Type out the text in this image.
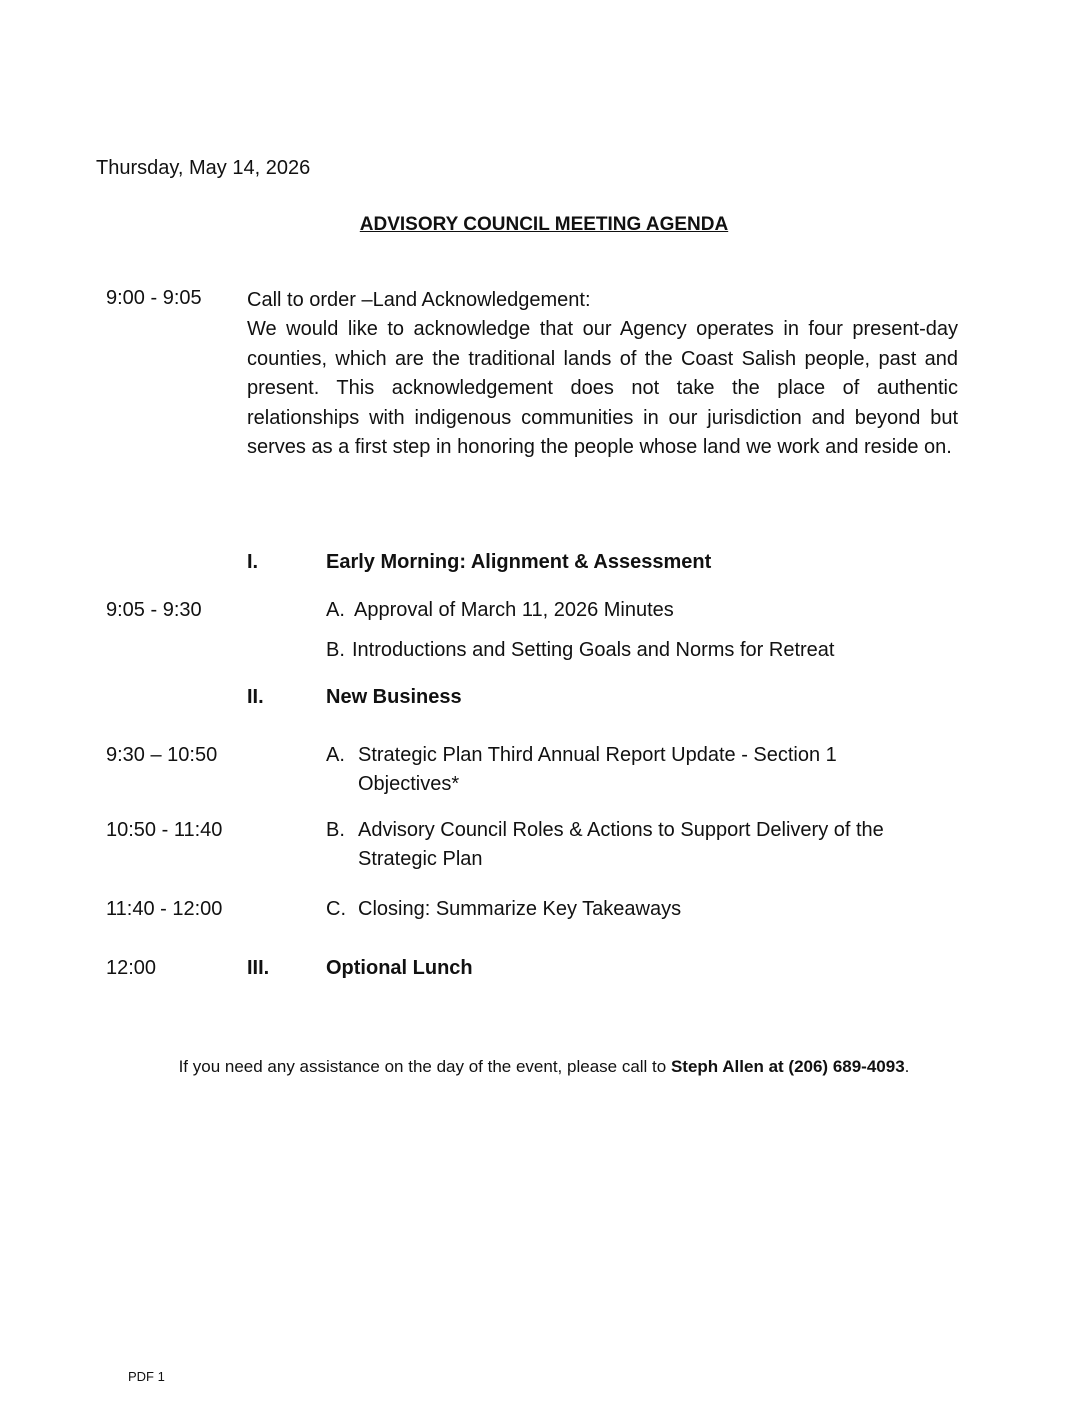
Thursday, May 14, 2026
ADVISORY COUNCIL MEETING AGENDA
9:00 - 9:05 Call to order –Land Acknowledgement:
We would like to acknowledge that our Agency operates in four present-day counties, which are the traditional lands of the Coast Salish people, past and present. This acknowledgement does not take the place of authentic relationships with indigenous communities in our jurisdiction and beyond but serves as a first step in honoring the people whose land we work and reside on.
I.	Early Morning: Alignment & Assessment
9:05 - 9:30	A. Approval of March 11, 2026 Minutes
B. Introductions and Setting Goals and Norms for Retreat
II.	New Business
9:30 – 10:50	A. Strategic Plan Third Annual Report Update - Section 1
Objectives*
10:50 - 11:40	B. Advisory Council Roles & Actions to Support Delivery of the
Strategic Plan
11:40 - 12:00	C. Closing: Summarize Key Takeaways
12:00	III.	Optional Lunch
If you need any assistance on the day of the event, please call to Steph Allen at (206) 689-4093.
PDF 1
